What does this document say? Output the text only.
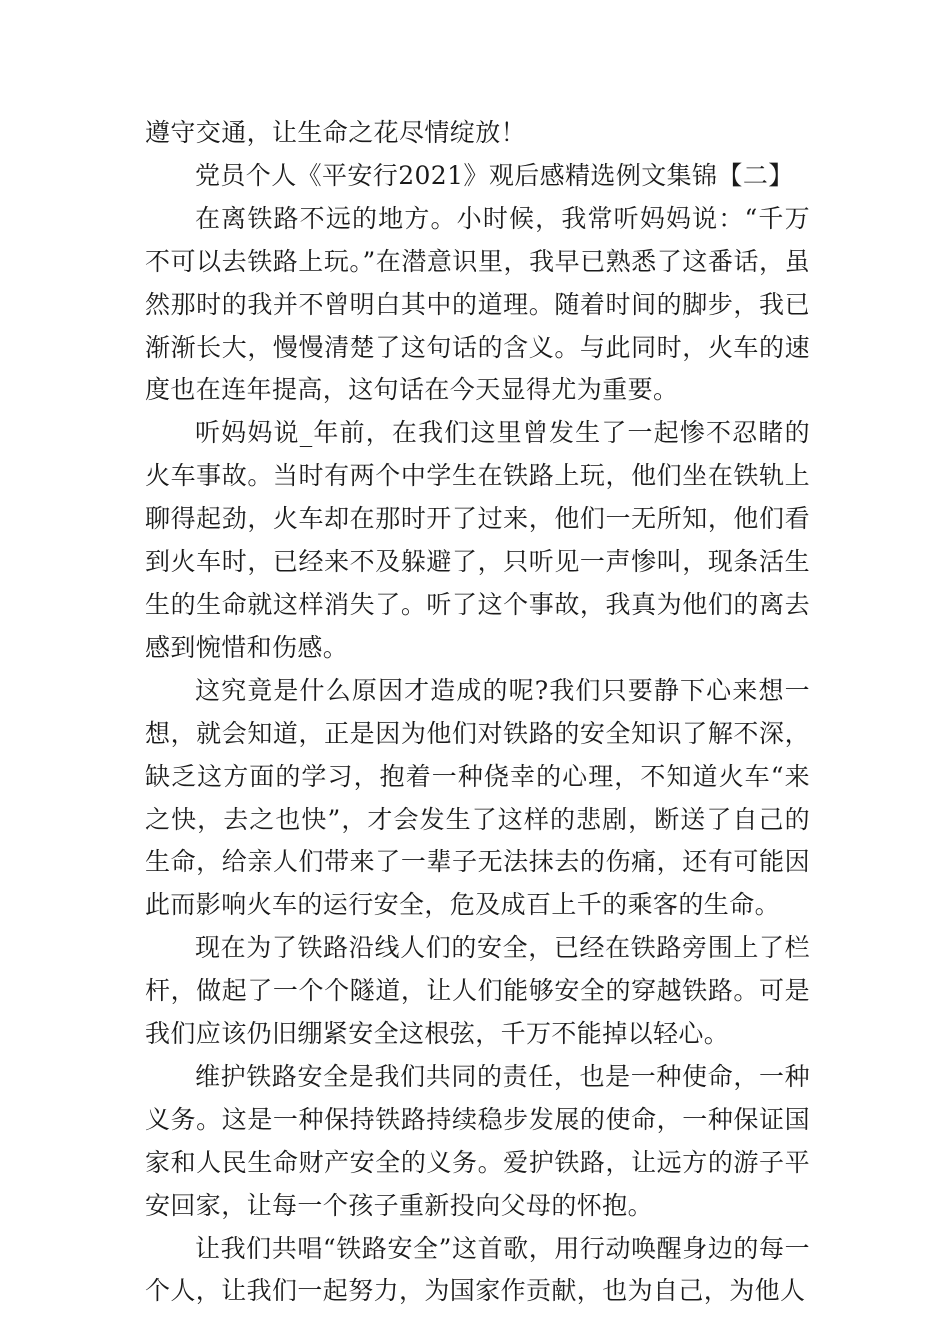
遵守交通，让生命之花尽情绽放！

党员个人《平安行2021》观后感精选例文集锦【二】

在离铁路不远的地方。小时候，我常听妈妈说：“千万不可以去铁路上玩。”在潜意识里，我早已熟悉了这番话，虽然那时的我并不曾明白其中的道理。随着时间的脚步，我已渐渐长大，慢慢清楚了这句话的含义。与此同时，火车的速度也在连年提高，这句话在今天显得尤为重要。

听妈妈说_年前，在我们这里曾发生了一起惨不忍睹的火车事故。当时有两个中学生在铁路上玩，他们坐在铁轨上聊得起劲，火车却在那时开了过来，他们一无所知，他们看到火车时，已经来不及躲避了，只听见一声惨叫，现条活生生的生命就这样消失了。听了这个事故，我真为他们的离去感到惋惜和伤感。

这究竟是什么原因才造成的呢?我们只要静下心来想一想，就会知道，正是因为他们对铁路的安全知识了解不深，缺乏这方面的学习，抱着一种侥幸的心理，不知道火车“来之快，去之也快”，才会发生了这样的悲剧，断送了自己的生命，给亲人们带来了一辈子无法抹去的伤痛，还有可能因此而影响火车的运行安全，危及成百上千的乘客的生命。

现在为了铁路沿线人们的安全，已经在铁路旁围上了栏杆，做起了一个个隧道，让人们能够安全的穿越铁路。可是我们应该仍旧绷紧安全这根弦，千万不能掉以轻心。

维护铁路安全是我们共同的责任，也是一种使命，一种义务。这是一种保持铁路持续稳步发展的使命，一种保证国家和人民生命财产安全的义务。爱护铁路，让远方的游子平安回家，让每一个孩子重新投向父母的怀抱。

让我们共唱“铁路安全”这首歌，用行动唤醒身边的每一个人，让我们一起努力，为国家作贡献，也为自己，为他人
